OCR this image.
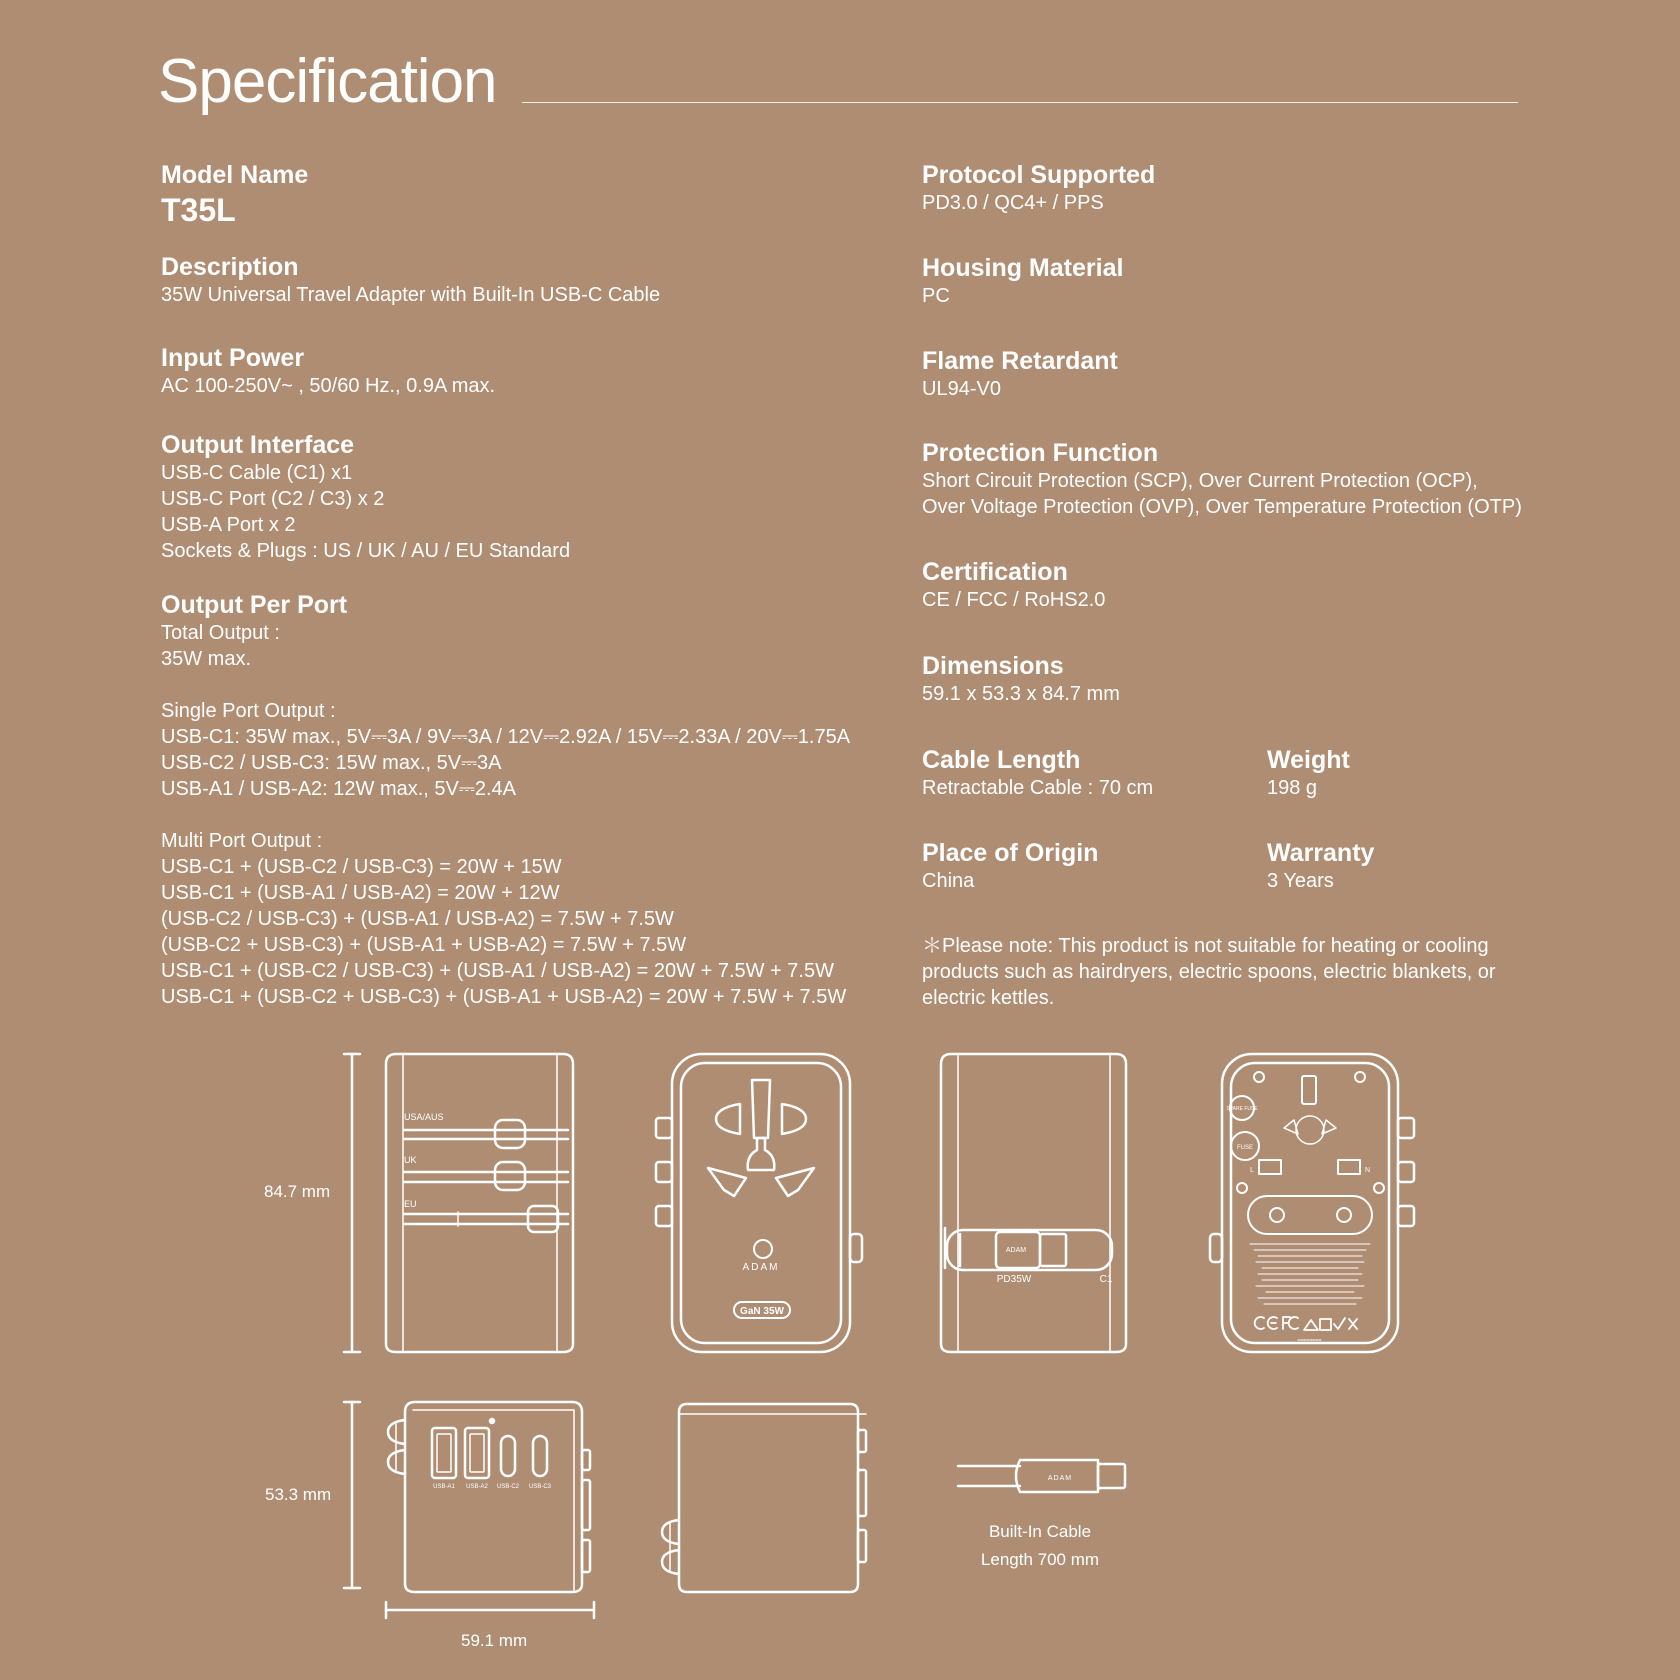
Specification
Model Name
T35L
Description
35W Universal Travel Adapter with Built-In USB-C Cable
Input Power
AC 100-250V~ , 50/60 Hz., 0.9A max.
Output Interface
USB-C Cable (C1) x1
USB-C Port (C2 / C3) x 2
USB-A Port x 2
Sockets & Plugs : US / UK / AU / EU Standard
Output Per Port
Total Output :
35W max.
Single Port Output :
USB-C1: 35W max., 5V⎓3A / 9V⎓3A / 12V⎓2.92A / 15V⎓2.33A / 20V⎓1.75A
USB-C2 / USB-C3: 15W max., 5V⎓3A
USB-A1 / USB-A2: 12W max., 5V⎓2.4A
Multi Port Output :
USB-C1 + (USB-C2 / USB-C3) = 20W + 15W
USB-C1 + (USB-A1 / USB-A2) = 20W + 12W
(USB-C2 / USB-C3) + (USB-A1 / USB-A2) = 7.5W + 7.5W
(USB-C2 + USB-C3) + (USB-A1 + USB-A2) = 7.5W + 7.5W
USB-C1 + (USB-C2 / USB-C3) + (USB-A1 / USB-A2) = 20W + 7.5W + 7.5W
USB-C1 + (USB-C2 + USB-C3) + (USB-A1 + USB-A2) = 20W + 7.5W + 7.5W
Protocol Supported
PD3.0 / QC4+ / PPS
Housing Material
PC
Flame Retardant
UL94-V0
Protection Function
Short Circuit Protection (SCP), Over Current Protection (OCP),
Over Voltage Protection (OVP), Over Temperature Protection (OTP)
Certification
CE / FCC / RoHS2.0
Dimensions
59.1 x 53.3 x 84.7 mm
Cable Length
Retractable Cable : 70 cm
Weight
198 g
Place of Origin
China
Warranty
3 Years
＊Please note: This product is not suitable for heating or cooling products such as hairdryers, electric spoons, electric blankets, or electric kettles.
USA/AUS
UK
EU
ADAM
GaN 35W
ADAM
PD35W	C1
SPARE FUSE
FUSE
L	N
USB-A1 USB-A2 USB-C2 USB-C3
ADAM
84.7 mm
53.3 mm
59.1 mm
Built-In Cable
Length 700 mm
